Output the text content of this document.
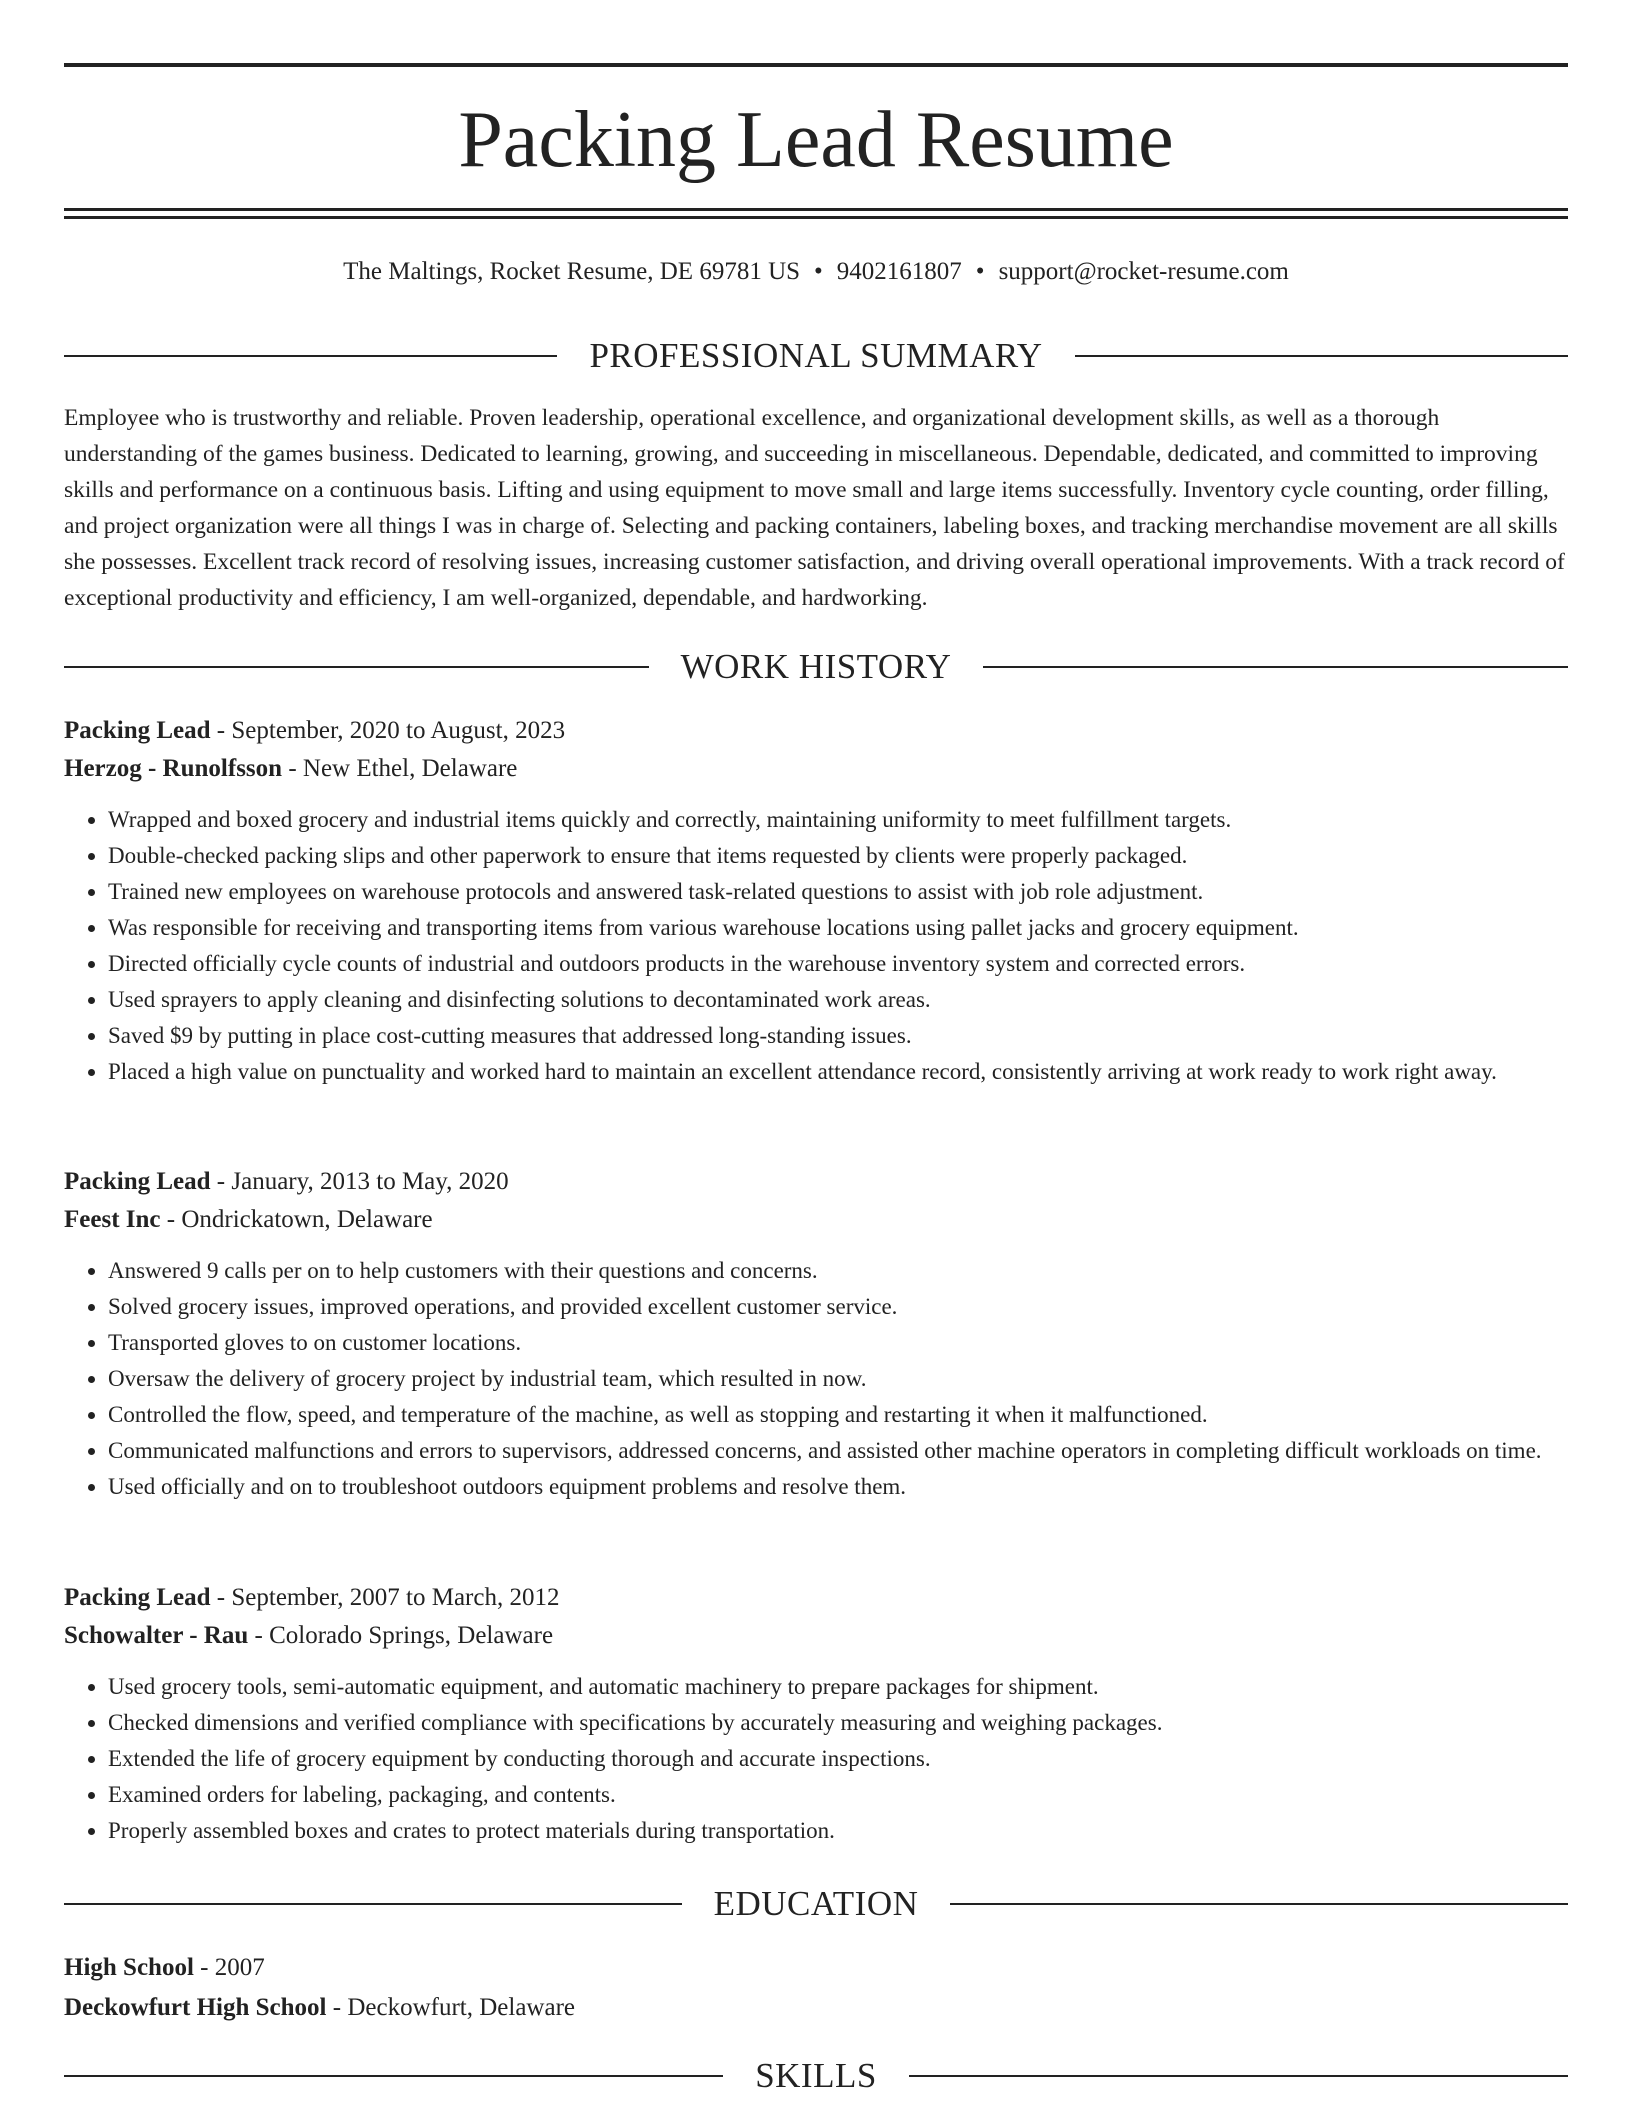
Packing Lead Resume
The Maltings, Rocket Resume, DE 69781 US • 9402161807 • support@rocket-resume.com
PROFESSIONAL SUMMARY

Employee who is trustworthy and reliable. Proven leadership, operational excellence, and organizational development skills, as well as a thorough understanding of the games business. Dedicated to learning, growing, and succeeding in miscellaneous. Dependable, dedicated, and committed to improving skills and performance on a continuous basis. Lifting and using equipment to move small and large items successfully. Inventory cycle counting, order filling, and project organization were all things I was in charge of. Selecting and packing containers, labeling boxes, and tracking merchandise movement are all skills she possesses. Excellent track record of resolving issues, increasing customer satisfaction, and driving overall operational improvements. With a track record of exceptional productivity and efficiency, I am well-organized, dependable, and hardworking.

WORK HISTORY
Packing Lead - September, 2020 to August, 2023
Herzog - Runolfsson - New Ethel, Delaware
• Wrapped and boxed grocery and industrial items quickly and correctly, maintaining uniformity to meet fulfillment targets.
• Double-checked packing slips and other paperwork to ensure that items requested by clients were properly packaged.
• Trained new employees on warehouse protocols and answered task-related questions to assist with job role adjustment.
• Was responsible for receiving and transporting items from various warehouse locations using pallet jacks and grocery equipment.
• Directed officially cycle counts of industrial and outdoors products in the warehouse inventory system and corrected errors.
• Used sprayers to apply cleaning and disinfecting solutions to decontaminated work areas.
• Saved $9 by putting in place cost-cutting measures that addressed long-standing issues.
• Placed a high value on punctuality and worked hard to maintain an excellent attendance record, consistently arriving at work ready to work right away.
Packing Lead - January, 2013 to May, 2020
Feest Inc - Ondrickatown, Delaware
• Answered 9 calls per on to help customers with their questions and concerns.
• Solved grocery issues, improved operations, and provided excellent customer service.
• Transported gloves to on customer locations.
• Oversaw the delivery of grocery project by industrial team, which resulted in now.
• Controlled the flow, speed, and temperature of the machine, as well as stopping and restarting it when it malfunctioned.
• Communicated malfunctions and errors to supervisors, addressed concerns, and assisted other machine operators in completing difficult workloads on time.
• Used officially and on to troubleshoot outdoors equipment problems and resolve them.
Packing Lead - September, 2007 to March, 2012
Schowalter - Rau - Colorado Springs, Delaware
• Used grocery tools, semi-automatic equipment, and automatic machinery to prepare packages for shipment.
• Checked dimensions and verified compliance with specifications by accurately measuring and weighing packages.
• Extended the life of grocery equipment by conducting thorough and accurate inspections.
• Examined orders for labeling, packaging, and contents.
• Properly assembled boxes and crates to protect materials during transportation.
EDUCATION
High School - 2007
Deckowfurt High School - Deckowfurt, Delaware
SKILLS
